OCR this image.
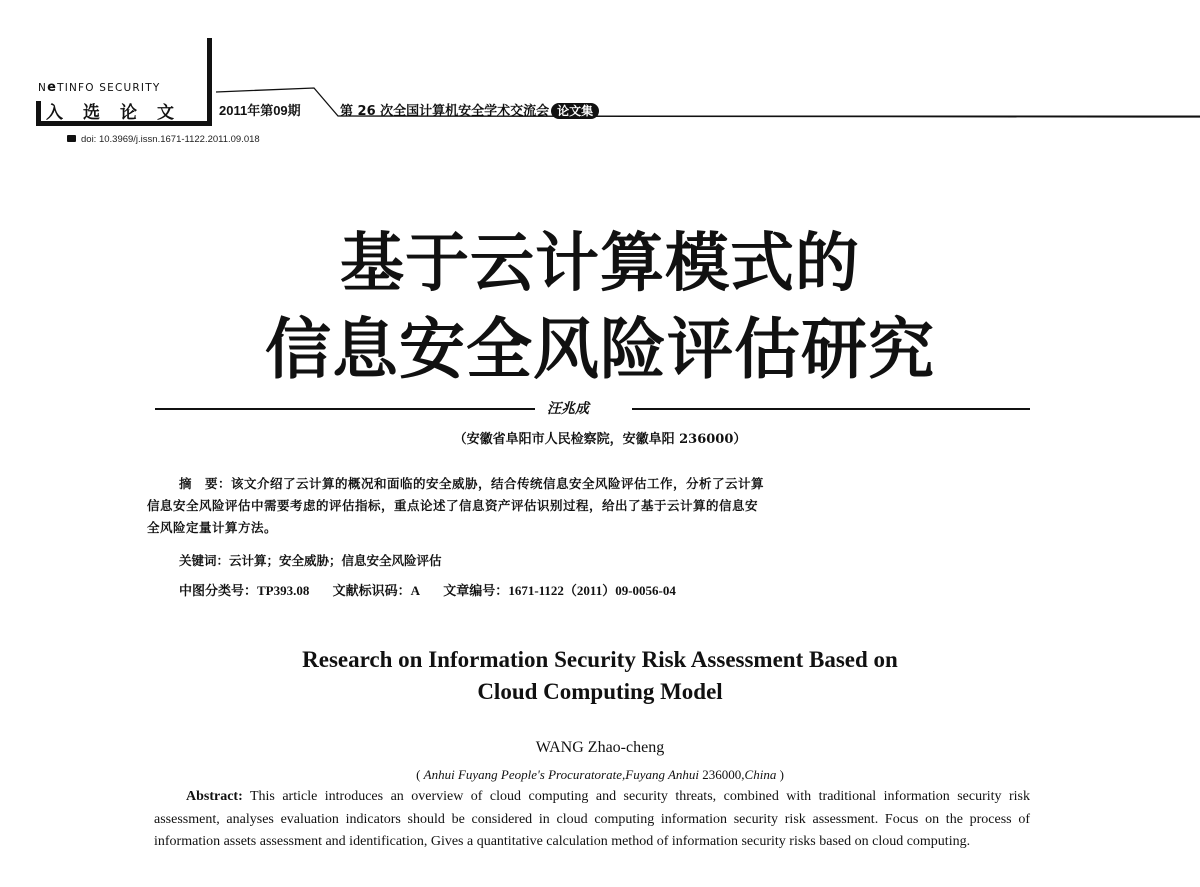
NeTINFO SECURITY
入选论文 2011年第09期	第 26 次全国计算机安全学术交流会 论文集
doi: 10.3969/j.issn.1671-1122.2011.09.018
基于云计算模式的
信息安全风险评估研究
汪兆成
（安徽省阜阳市人民检察院，安徽阜阳 236000）
摘　要：该文介绍了云计算的概况和面临的安全威胁，结合传统信息安全风险评估工作，分析了云计算
信息安全风险评估中需要考虑的评估指标，重点论述了信息资产评估识别过程，给出了基于云计算的信息安
全风险定量计算方法。
关键词：云计算；安全威胁；信息安全风险评估
中图分类号：TP393.08 文献标识码：A 文章编号：1671-1122（2011）09-0056-04
Research on Information Security Risk Assessment Based on
Cloud Computing Model
WANG Zhao-cheng
( Anhui Fuyang People's Procuratorate,Fuyang Anhui 236000,China )
Abstract: This article introduces an overview of cloud computing and security threats, combined with traditional information security risk assessment, analyses evaluation indicators should be considered in cloud computing information security risk assessment. Focus on the process of information assets assessment and identification, Gives a quantitative calculation method of information security risks based on cloud computing.
